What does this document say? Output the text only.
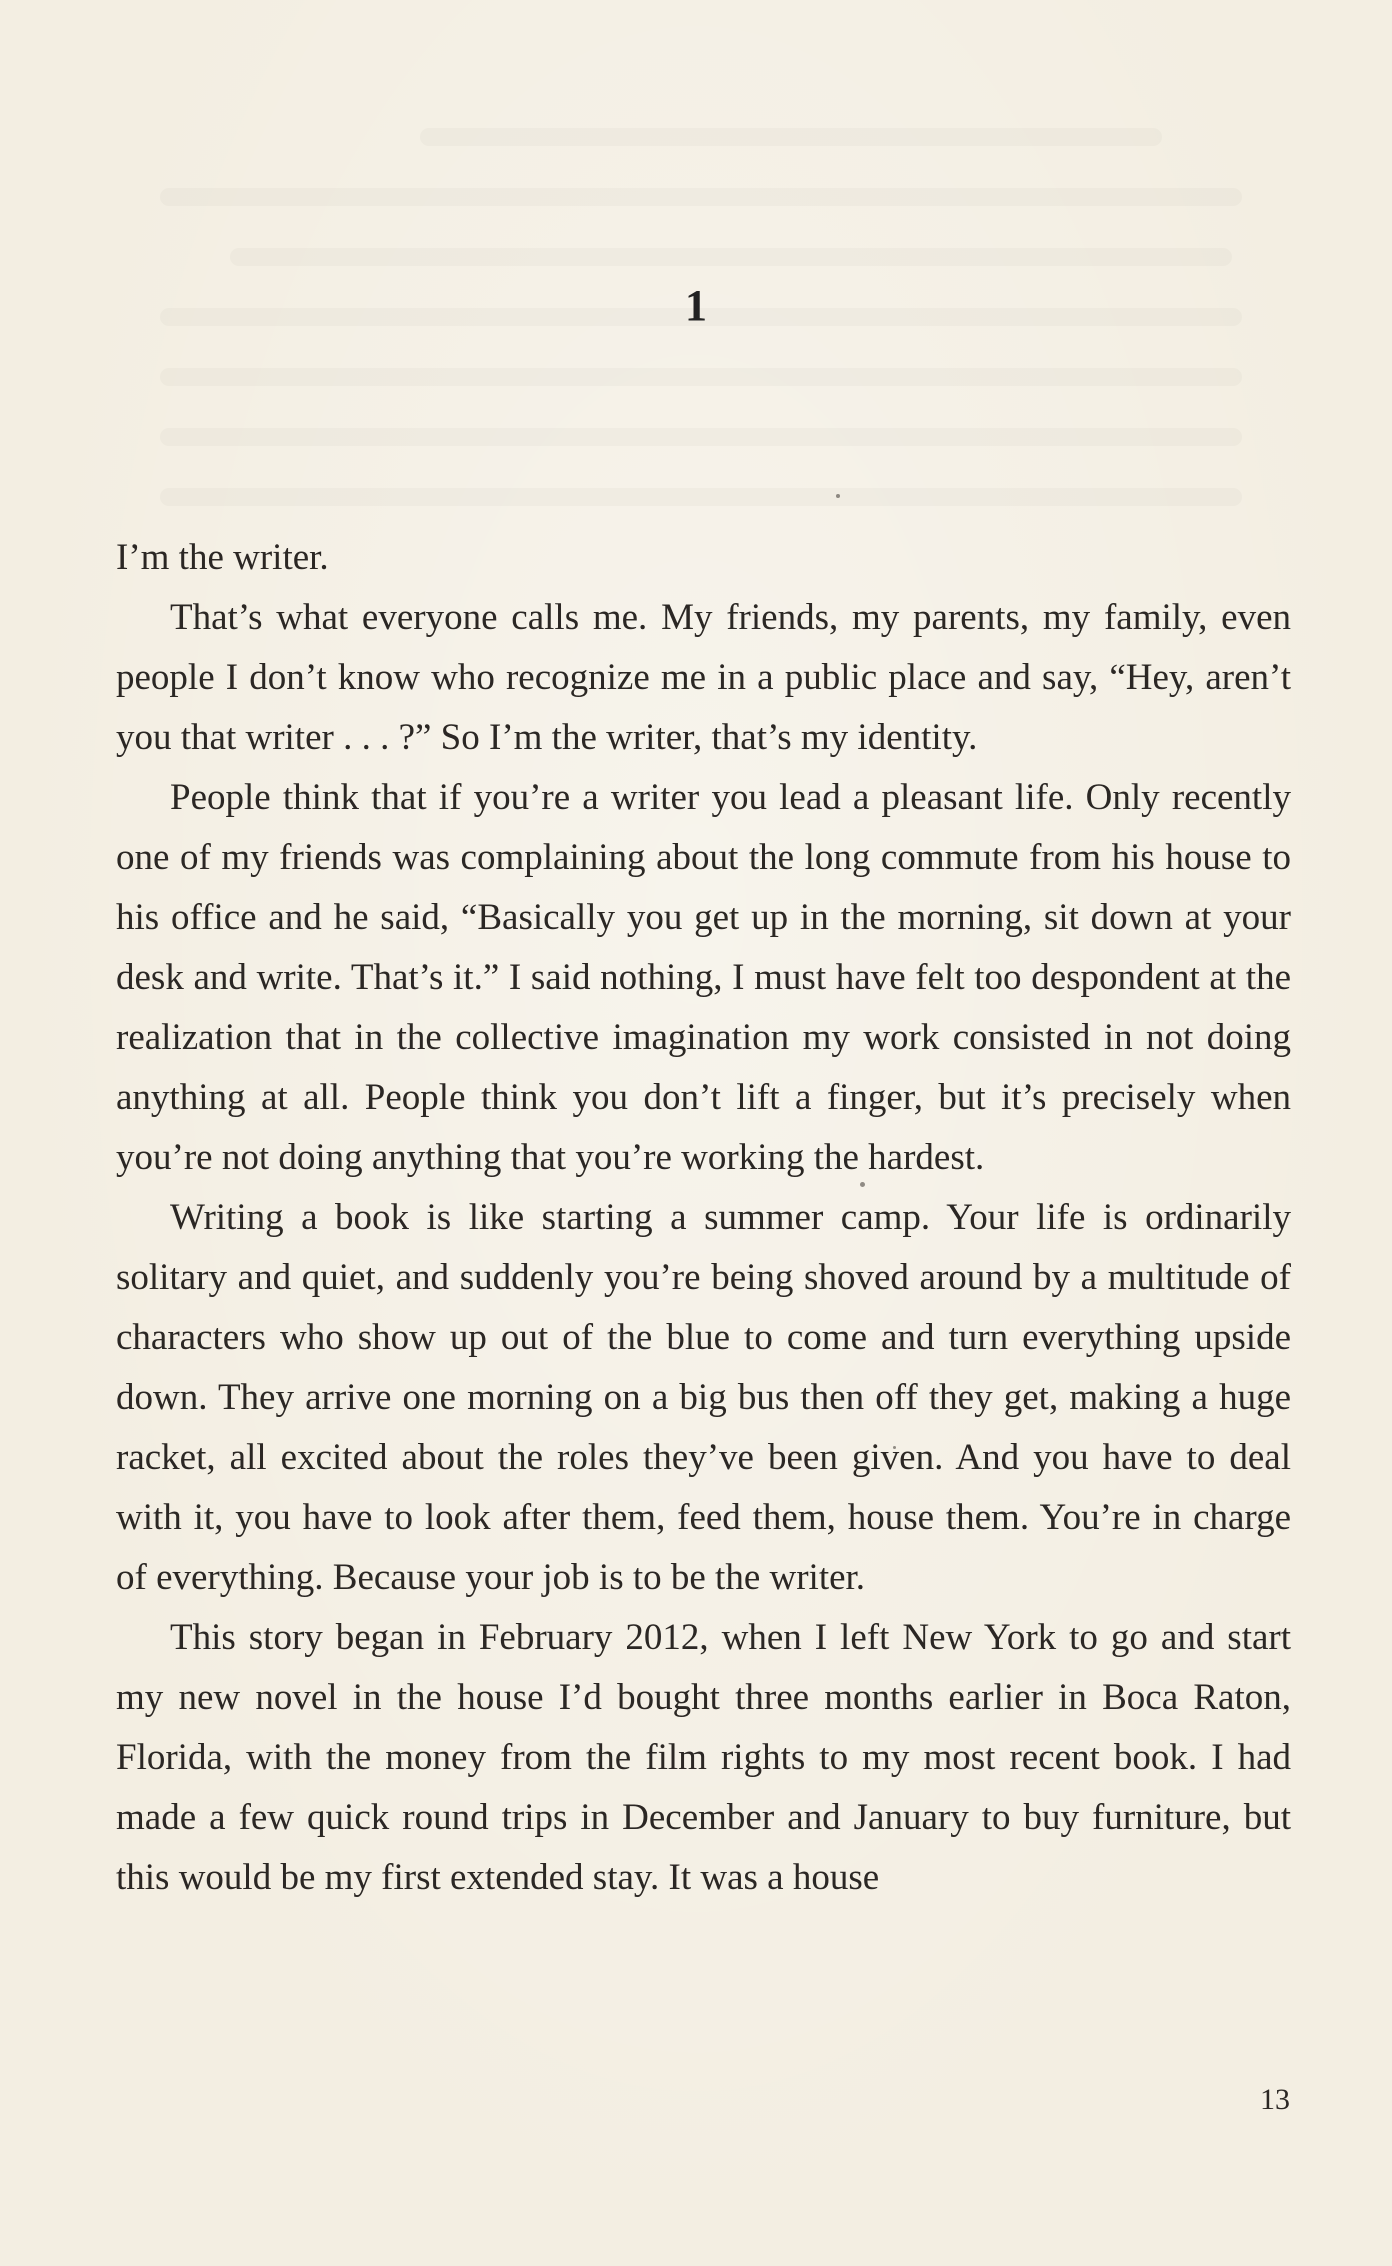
1

I’m the writer.

That’s what everyone calls me. My friends, my parents, my family, even people I don’t know who recognize me in a public place and say, “Hey, aren’t you that writer . . . ?” So I’m the writer, that’s my identity.

People think that if you’re a writer you lead a pleasant life. Only recently one of my friends was complaining about the long commute from his house to his office and he said, “Basically you get up in the morning, sit down at your desk and write. That’s it.” I said nothing, I must have felt too despondent at the realization that in the collective imagination my work consisted in not doing anything at all. People think you don’t lift a finger, but it’s precisely when you’re not doing anything that you’re working the hardest.

Writing a book is like starting a summer camp. Your life is ordinarily solitary and quiet, and suddenly you’re being shoved around by a multitude of characters who show up out of the blue to come and turn everything upside down. They arrive one morning on a big bus then off they get, making a huge racket, all excited about the roles they’ve been given. And you have to deal with it, you have to look after them, feed them, house them. You’re in charge of everything. Because your job is to be the writer.

This story began in February 2012, when I left New York to go and start my new novel in the house I’d bought three months earlier in Boca Raton, Florida, with the money from the film rights to my most recent book. I had made a few quick round trips in December and January to buy furniture, but this would be my first extended stay. It was a house

13
